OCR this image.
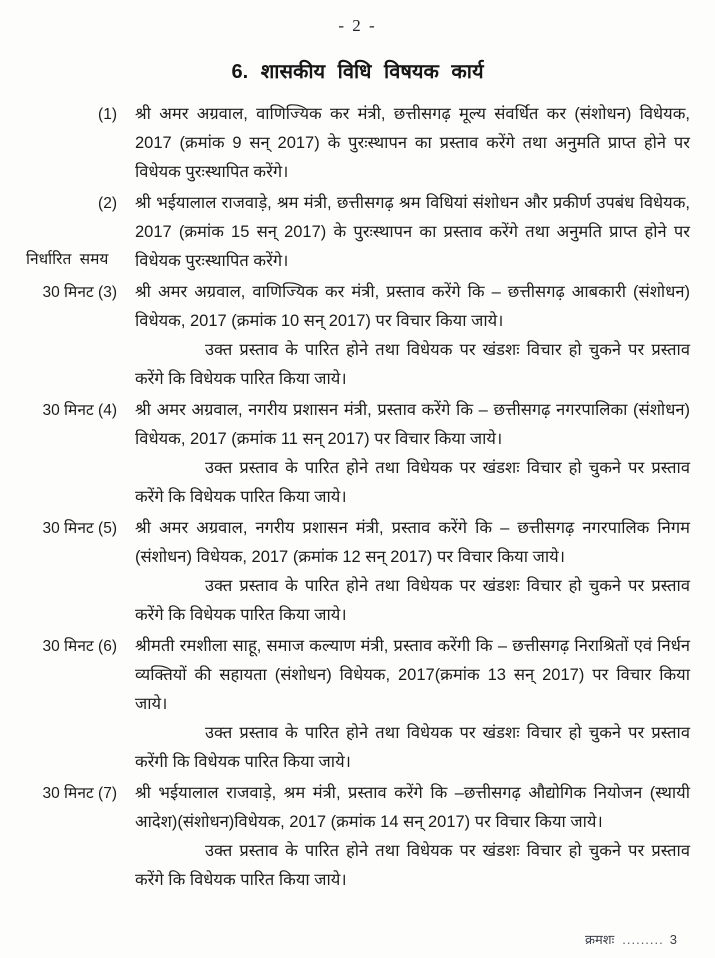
- 2 -
6. शासकीय विधि विषयक कार्य
निर्धारित समय
(1)	श्री अमर अग्रवाल, वाणिज्यिक कर मंत्री, छत्तीसगढ़ मूल्य संवर्धित कर (संशोधन) विधेयक, 2017 (क्रमांक 9 सन् 2017) के पुरःस्थापन का प्रस्ताव करेंगे तथा अनुमति प्राप्त होने पर विधेयक पुरःस्थापित करेंगे।

(2)	श्री भईयालाल राजवाड़े, श्रम मंत्री, छत्तीसगढ़ श्रम विधियां संशोधन और प्रकीर्ण उपबंध विधेयक, 2017 (क्रमांक 15 सन् 2017) के पुरःस्थापन का प्रस्ताव करेंगे तथा अनुमति प्राप्त होने पर विधेयक पुरःस्थापित करेंगे।

30 मिनट (3)	श्री अमर अग्रवाल, वाणिज्यिक कर मंत्री, प्रस्ताव करेंगे कि – छत्तीसगढ़ आबकारी (संशोधन) विधेयक, 2017 (क्रमांक 10 सन् 2017) पर विचार किया जाये।

उक्त प्रस्ताव के पारित होने तथा विधेयक पर खंडशः विचार हो चुकने पर प्रस्ताव करेंगे कि विधेयक पारित किया जाये।

30 मिनट (4)	श्री अमर अग्रवाल, नगरीय प्रशासन मंत्री, प्रस्ताव करेंगे कि – छत्तीसगढ़ नगरपालिका (संशोधन) विधेयक, 2017 (क्रमांक 11 सन् 2017) पर विचार किया जाये।

उक्त प्रस्ताव के पारित होने तथा विधेयक पर खंडशः विचार हो चुकने पर प्रस्ताव करेंगे कि विधेयक पारित किया जाये।

30 मिनट (5)	श्री अमर अग्रवाल, नगरीय प्रशासन मंत्री, प्रस्ताव करेंगे कि – छत्तीसगढ़ नगरपालिक निगम (संशोधन) विधेयक, 2017 (क्रमांक 12 सन् 2017) पर विचार किया जाये।

उक्त प्रस्ताव के पारित होने तथा विधेयक पर खंडशः विचार हो चुकने पर प्रस्ताव करेंगे कि विधेयक पारित किया जाये।

30 मिनट (6)	श्रीमती रमशीला साहू, समाज कल्याण मंत्री, प्रस्ताव करेंगी कि – छत्तीसगढ़ निराश्रितों एवं निर्धन व्यक्तियों की सहायता (संशोधन) विधेयक, 2017(क्रमांक 13 सन् 2017) पर विचार किया जाये।

उक्त प्रस्ताव के पारित होने तथा विधेयक पर खंडशः विचार हो चुकने पर प्रस्ताव करेंगी कि विधेयक पारित किया जाये।

30 मिनट (7)	श्री भईयालाल राजवाड़े, श्रम मंत्री, प्रस्ताव करेंगे कि –छत्तीसगढ़ औद्योगिक नियोजन (स्थायी आदेश)(संशोधन)विधेयक, 2017 (क्रमांक 14 सन् 2017) पर विचार किया जाये।

उक्त प्रस्ताव के पारित होने तथा विधेयक पर खंडशः विचार हो चुकने पर प्रस्ताव करेंगे कि विधेयक पारित किया जाये।

क्रमशः ......... 3
